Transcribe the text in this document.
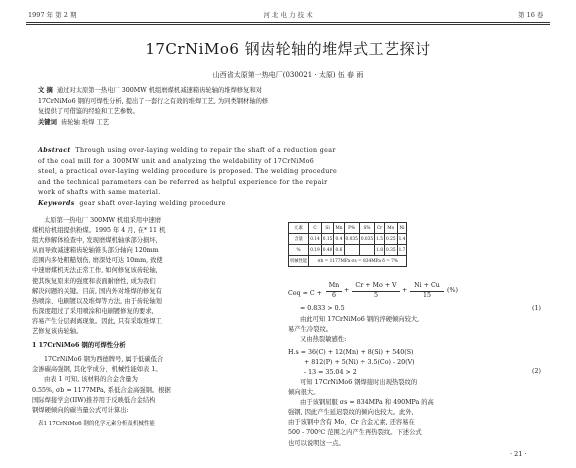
1997 年 第 2 期	河 北 电 力 技 术	第 16 卷
17CrNiMo6 钢齿轮轴的堆焊式工艺探讨
山西省太原第一热电厂(030021 · 太原) 伍 春 雨
文 摘 通过对太原第一热电厂 300MW 机组磨煤机减速箱齿轮轴的堆焊修复和对
17CrNiMo6 钢的可焊性分析, 提出了一套行之有效的堆焊工艺, 为同类钢材轴的修
复提供了可借鉴的经验和工艺参数。
关键词 齿轮轴 堆焊 工艺
Abstract Through using over-laying welding to repair the shaft of a reduction gear
of the coal mill for a 300MW unit and analyzing the weldability of 17CrNiMo6
steel, a practical over-laying welding procedure is proposed. The welding procedure
and the technical parameters can be referred as helpful experience for the repair
work of shafts with same material.
Keywords gear shaft over-laying welding procedure
太原第一热电厂 300MW 机组采用中速磨
煤机给机组提供粉煤。1995 年 4 月, 在* 11 机
组大修解体检查中, 发现磨煤机轴承部分损坏,
从而导致减速箱齿轮轴锥头部分轴向 120mm
范围内多处粗糙划伤, 磨深处可达 10mm, 致使
中速磨煤机无法正常工作, 如何修复该齿轮轴,
使其恢复原来的强度和表面耐磨性, 成为我们
解决问题的关键。目前, 国内外对堆焊的修复有
热喷涂、电刷镀以及堆焊等方法, 由于齿轮轴划
伤深度超过了采用喷涂和电刷镀修复的要求,
容易产生分层剥离现象。因此, 只有采取堆焊工
艺修复该齿轮轴。
1 17CrNiMo6 钢的可焊性分析
17CrNiMo6 钢为西德牌号, 属于低碳低合
金渗碳高强钢, 其化学成分、机械性能如表 1。
由表 1 可知, 该材料的合金含量为
0.55%, σb = 1177MPa, 系低合金高强钢。根据
国际焊接学会(IIW)推荐用于反映低合金结构
钢焊硬倾向的碳当量公式可计算出:
表1 17CrNiMo6 钢的化学元素分析及机械性能
元素	C	Si	Mn	P%	S%	Cr	Mo	Ni
含量	0.14	0.15	0.4	0.035	0.035	1.5	0.25	1.4
%	0.19	0.40	0.6			1.8	0.35	1.7
机械性能	σb = 1177MPa σs = 834MPa δ = 7%							
Ceq = C +
Mn
6
+
Cr + Mo + V
5
+
Ni + Cu
15
(%)
= 0.833 > 0.5	(1)
由此可知 17CrNiMo6 钢的淬硬倾向较大,
易产生冷裂纹。
又由热裂敏感性:
H.s = 36(C) + 12(Mn) + 8(Si) + 540(S)
+ 812(P) + 5(Ni) ÷ 3.5(Co) - 20(V)
- 13 = 35.04 > 2	(2)
可知 17CrNiMo6 钢焊接时出现热裂纹的
倾向很大。
由于该钢屈服 σs = 834MPa 和 490MPa 的高
强钢, 因此产生延迟裂纹的倾向也较大。此外,
由于该钢中含有 Mo、Cr 合金元素, 还容易在
500 - 700℃ 范围之内产生再热裂纹。下述公式
也可以说明这一点。
· 21 ·
